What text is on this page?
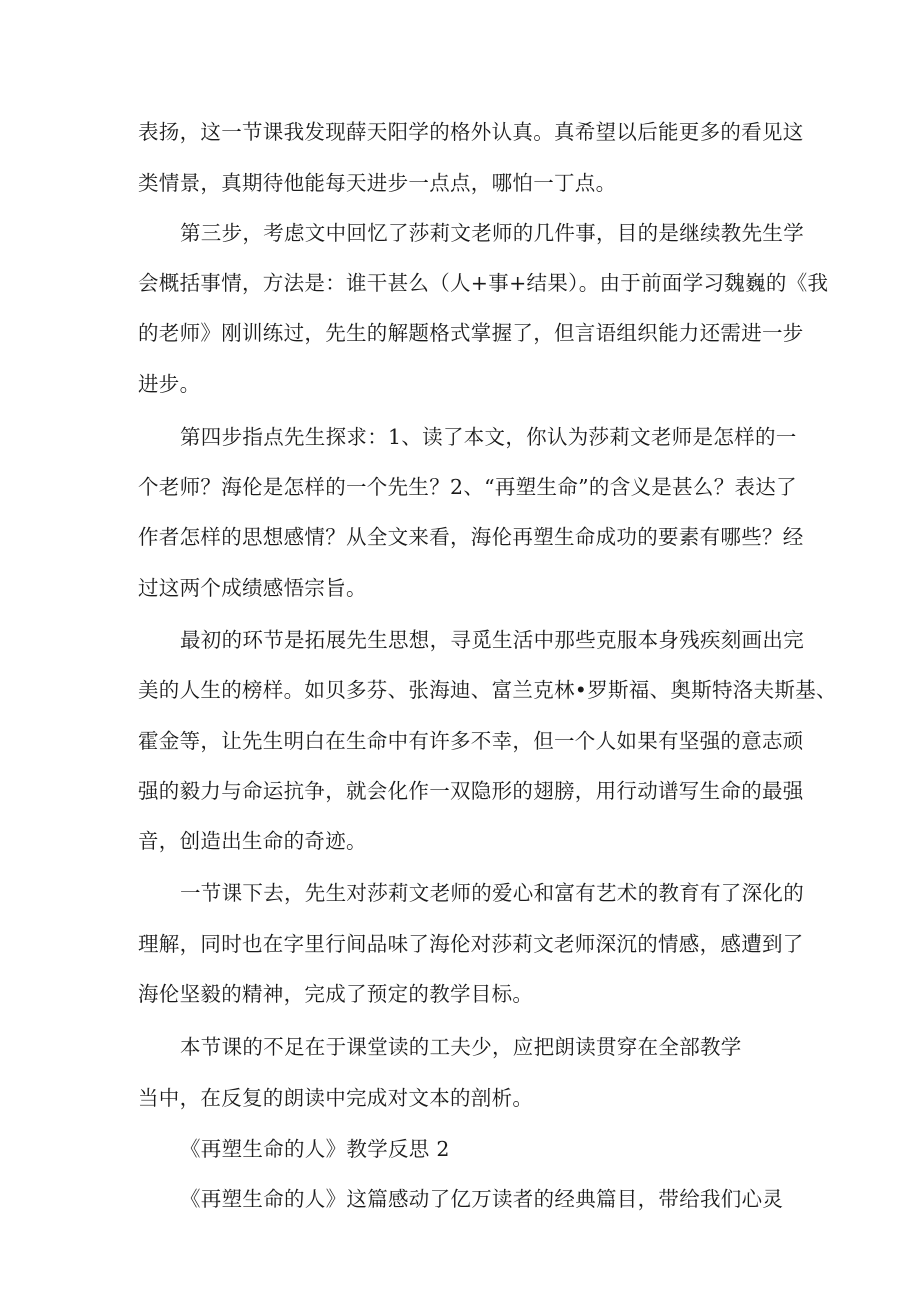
表扬，这一节课我发现薛天阳学的格外认真。真希望以后能更多的看见这
类情景，真期待他能每天进步一点点，哪怕一丁点。
第三步，考虑文中回忆了莎莉文老师的几件事，目的是继续教先生学
会概括事情，方法是：谁干甚么（人+事+结果）。由于前面学习魏巍的《我
的老师》刚训练过，先生的解题格式掌握了，但言语组织能力还需进一步
进步。
第四步指点先生探求：1、读了本文，你认为莎莉文老师是怎样的一
个老师？海伦是怎样的一个先生？2、“再塑生命”的含义是甚么？表达了
作者怎样的思想感情？从全文来看，海伦再塑生命成功的要素有哪些？经
过这两个成绩感悟宗旨。
最初的环节是拓展先生思想，寻觅生活中那些克服本身残疾刻画出完
美的人生的榜样。如贝多芬、张海迪、富兰克林•罗斯福、奥斯特洛夫斯基、
霍金等，让先生明白在生命中有许多不幸，但一个人如果有坚强的意志顽
强的毅力与命运抗争，就会化作一双隐形的翅膀，用行动谱写生命的最强
音，创造出生命的奇迹。
一节课下去，先生对莎莉文老师的爱心和富有艺术的教育有了深化的
理解，同时也在字里行间品味了海伦对莎莉文老师深沉的情感，感遭到了
海伦坚毅的精神，完成了预定的教学目标。
本节课的不足在于课堂读的工夫少，应把朗读贯穿在全部教学
当中，在反复的朗读中完成对文本的剖析。
《再塑生命的人》教学反思 2
《再塑生命的人》这篇感动了亿万读者的经典篇目，带给我们心灵
